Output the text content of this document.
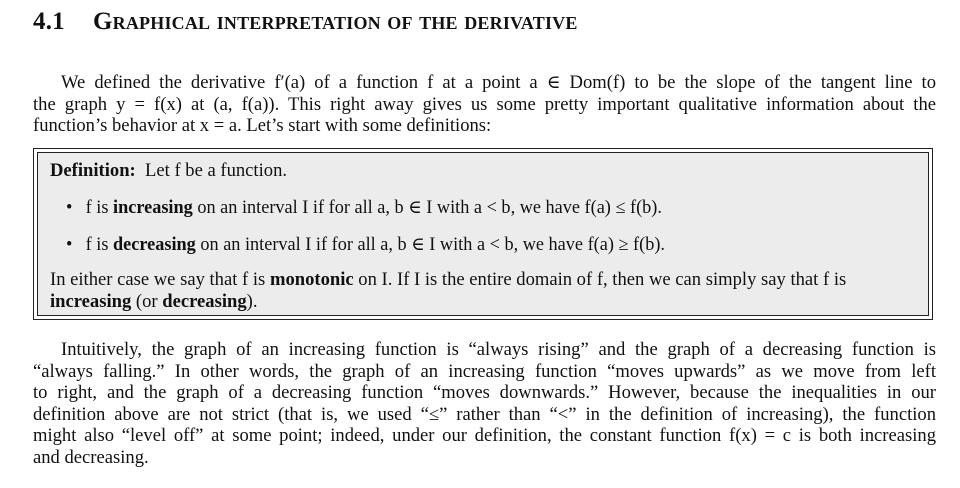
4.1 Graphical interpretation of the derivative
We defined the derivative f′(a) of a function f at a point a ∈ Dom(f) to be the slope of the tangent line to
the graph y = f(x) at (a, f(a)). This right away gives us some pretty important qualitative information about the
function’s behavior at x = a. Let’s start with some definitions:
Definition: Let f be a function.
• f is increasing on an interval I if for all a, b ∈ I with a < b, we have f(a) ≤ f(b).
• f is decreasing on an interval I if for all a, b ∈ I with a < b, we have f(a) ≥ f(b).
In either case we say that f is monotonic on I. If I is the entire domain of f, then we can simply say that f is
increasing (or decreasing).
Intuitively, the graph of an increasing function is “always rising” and the graph of a decreasing function is
“always falling.” In other words, the graph of an increasing function “moves upwards” as we move from left
to right, and the graph of a decreasing function “moves downwards.” However, because the inequalities in our
definition above are not strict (that is, we used “≤” rather than “<” in the definition of increasing), the function
might also “level off” at some point; indeed, under our definition, the constant function f(x) = c is both increasing
and decreasing.
